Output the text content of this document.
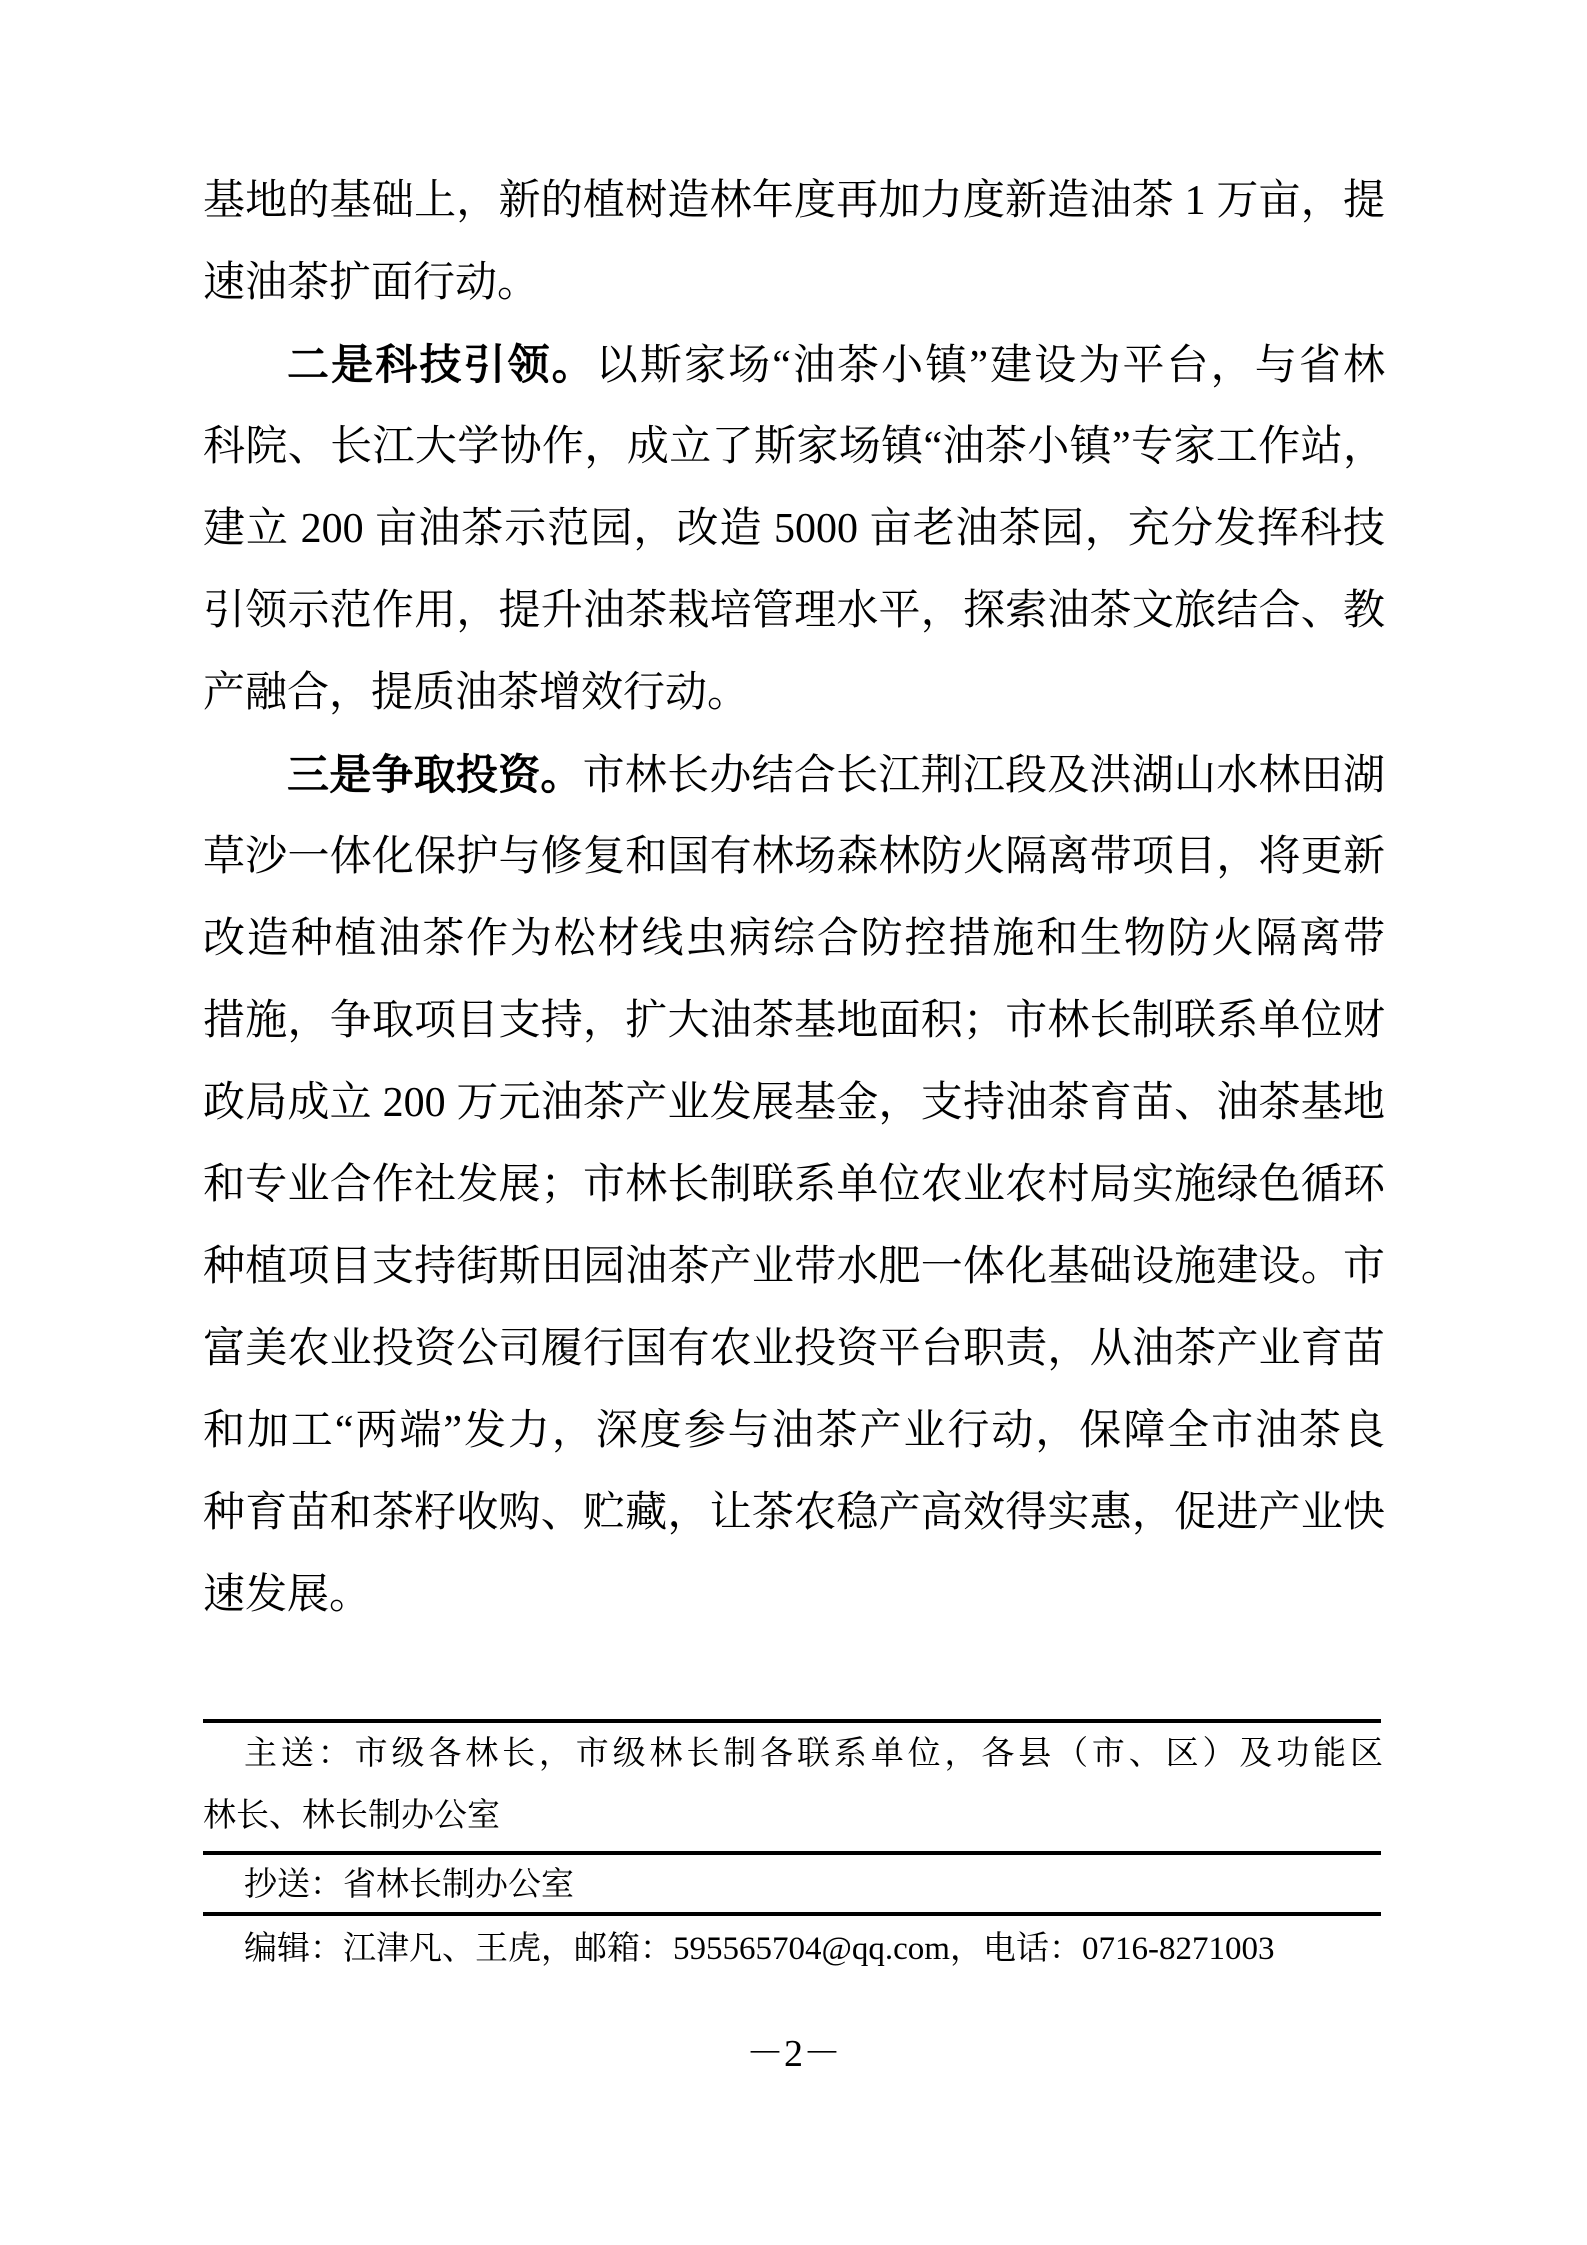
基地的基础上，新的植树造林年度再加力度新造油茶 1 万亩，提
速油茶扩面行动。
二是科技引领。以斯家场“油茶小镇”建设为平台，与省林
科院、长江大学协作，成立了斯家场镇“油茶小镇”专家工作站，
建立 200 亩油茶示范园，改造 5000 亩老油茶园，充分发挥科技
引领示范作用，提升油茶栽培管理水平，探索油茶文旅结合、教
产融合，提质油茶增效行动。
三是争取投资。市林长办结合长江荆江段及洪湖山水林田湖
草沙一体化保护与修复和国有林场森林防火隔离带项目，将更新
改造种植油茶作为松材线虫病综合防控措施和生物防火隔离带
措施，争取项目支持，扩大油茶基地面积；市林长制联系单位财
政局成立 200 万元油茶产业发展基金，支持油茶育苗、油茶基地
和专业合作社发展；市林长制联系单位农业农村局实施绿色循环
种植项目支持街斯田园油茶产业带水肥一体化基础设施建设。市
富美农业投资公司履行国有农业投资平台职责，从油茶产业育苗
和加工“两端”发力，深度参与油茶产业行动，保障全市油茶良
种育苗和茶籽收购、贮藏，让茶农稳产高效得实惠，促进产业快
速发展。
主送：市级各林长，市级林长制各联系单位，各县（市、区）及功能区
林长、林长制办公室
抄送：省林长制办公室
编辑：江津凡、王虎，邮箱：595565704@qq.com，电话：0716-8271003
－2－
